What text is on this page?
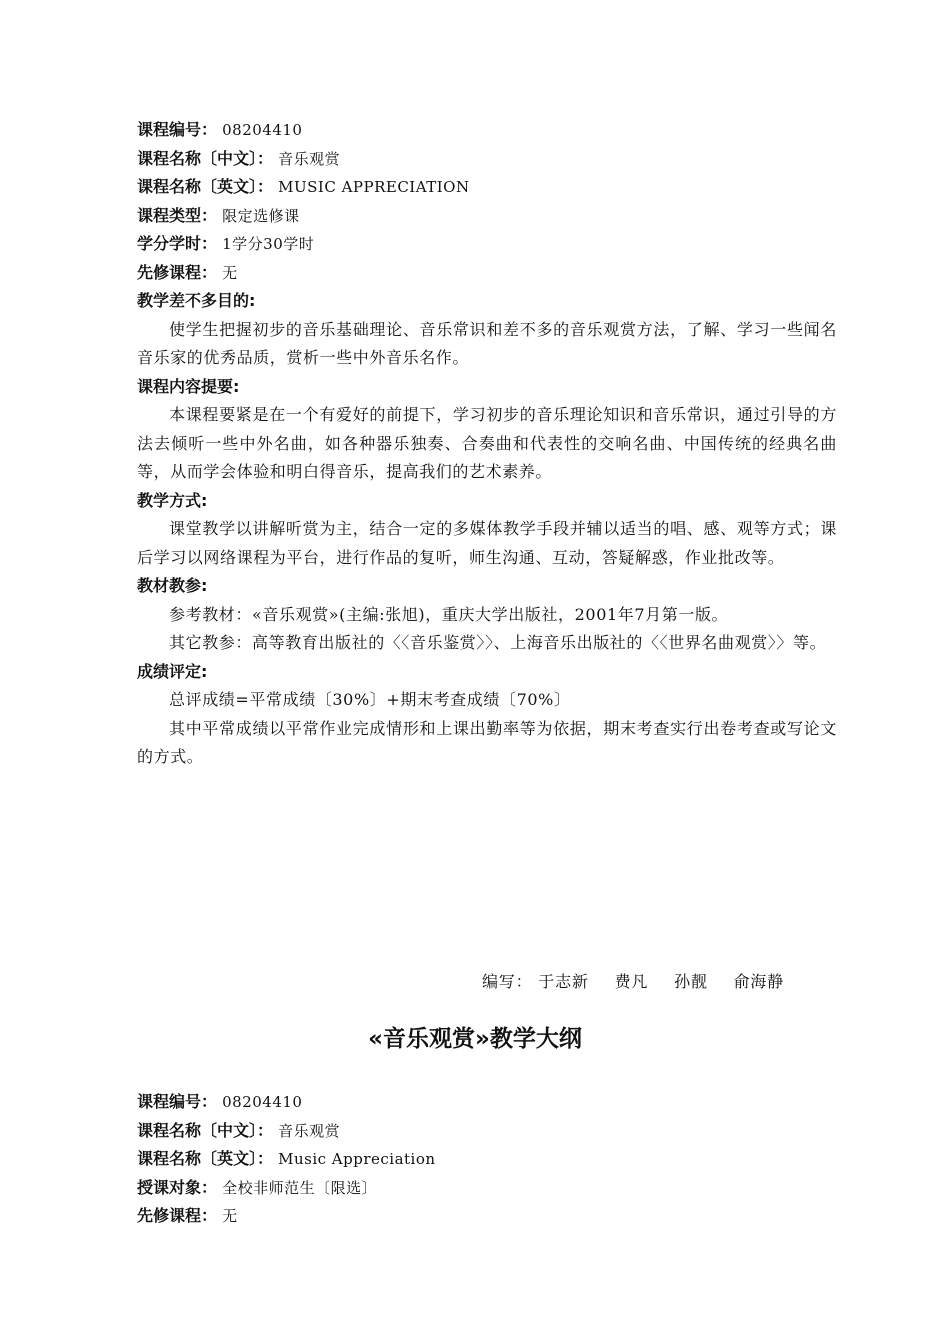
课程编号： 08204410
课程名称〔中文〕： 音乐观赏
课程名称〔英文〕： MUSIC APPRECIATION
课程类型： 限定选修课
学分学时： 1学分30学时
先修课程： 无
教学差不多目的:

使学生把握初步的音乐基础理论、音乐常识和差不多的音乐观赏方法，了解、学习一些闻名音乐家的优秀品质，赏析一些中外音乐名作。

课程内容提要:

本课程要紧是在一个有爱好的前提下，学习初步的音乐理论知识和音乐常识，通过引导的方法去倾听一些中外名曲，如各种器乐独奏、合奏曲和代表性的交响名曲、中国传统的经典名曲等，从而学会体验和明白得音乐，提高我们的艺术素养。

教学方式:

课堂教学以讲解听赏为主，结合一定的多媒体教学手段并辅以适当的唱、感、观等方式；课后学习以网络课程为平台，进行作品的复听，师生沟通、互动，答疑解惑，作业批改等。

教材教参:

参考教材：«音乐观赏»(主编:张旭)，重庆大学出版社，2001年7月第一版。

其它教参：高等教育出版社的〈〈音乐鉴赏〉〉、上海音乐出版社的〈〈世界名曲观赏〉〉等。

成绩评定:

总评成绩=平常成绩〔30%〕+期末考查成绩〔70%〕

其中平常成绩以平常作业完成情形和上课出勤率等为依据，期末考查实行出卷考查或写论文的方式。

编写： 于志新 费凡 孙靓 俞海静
«音乐观赏»教学大纲
课程编号： 08204410
课程名称〔中文〕： 音乐观赏
课程名称〔英文〕： Music Appreciation
授课对象： 全校非师范生〔限选〕
先修课程： 无
